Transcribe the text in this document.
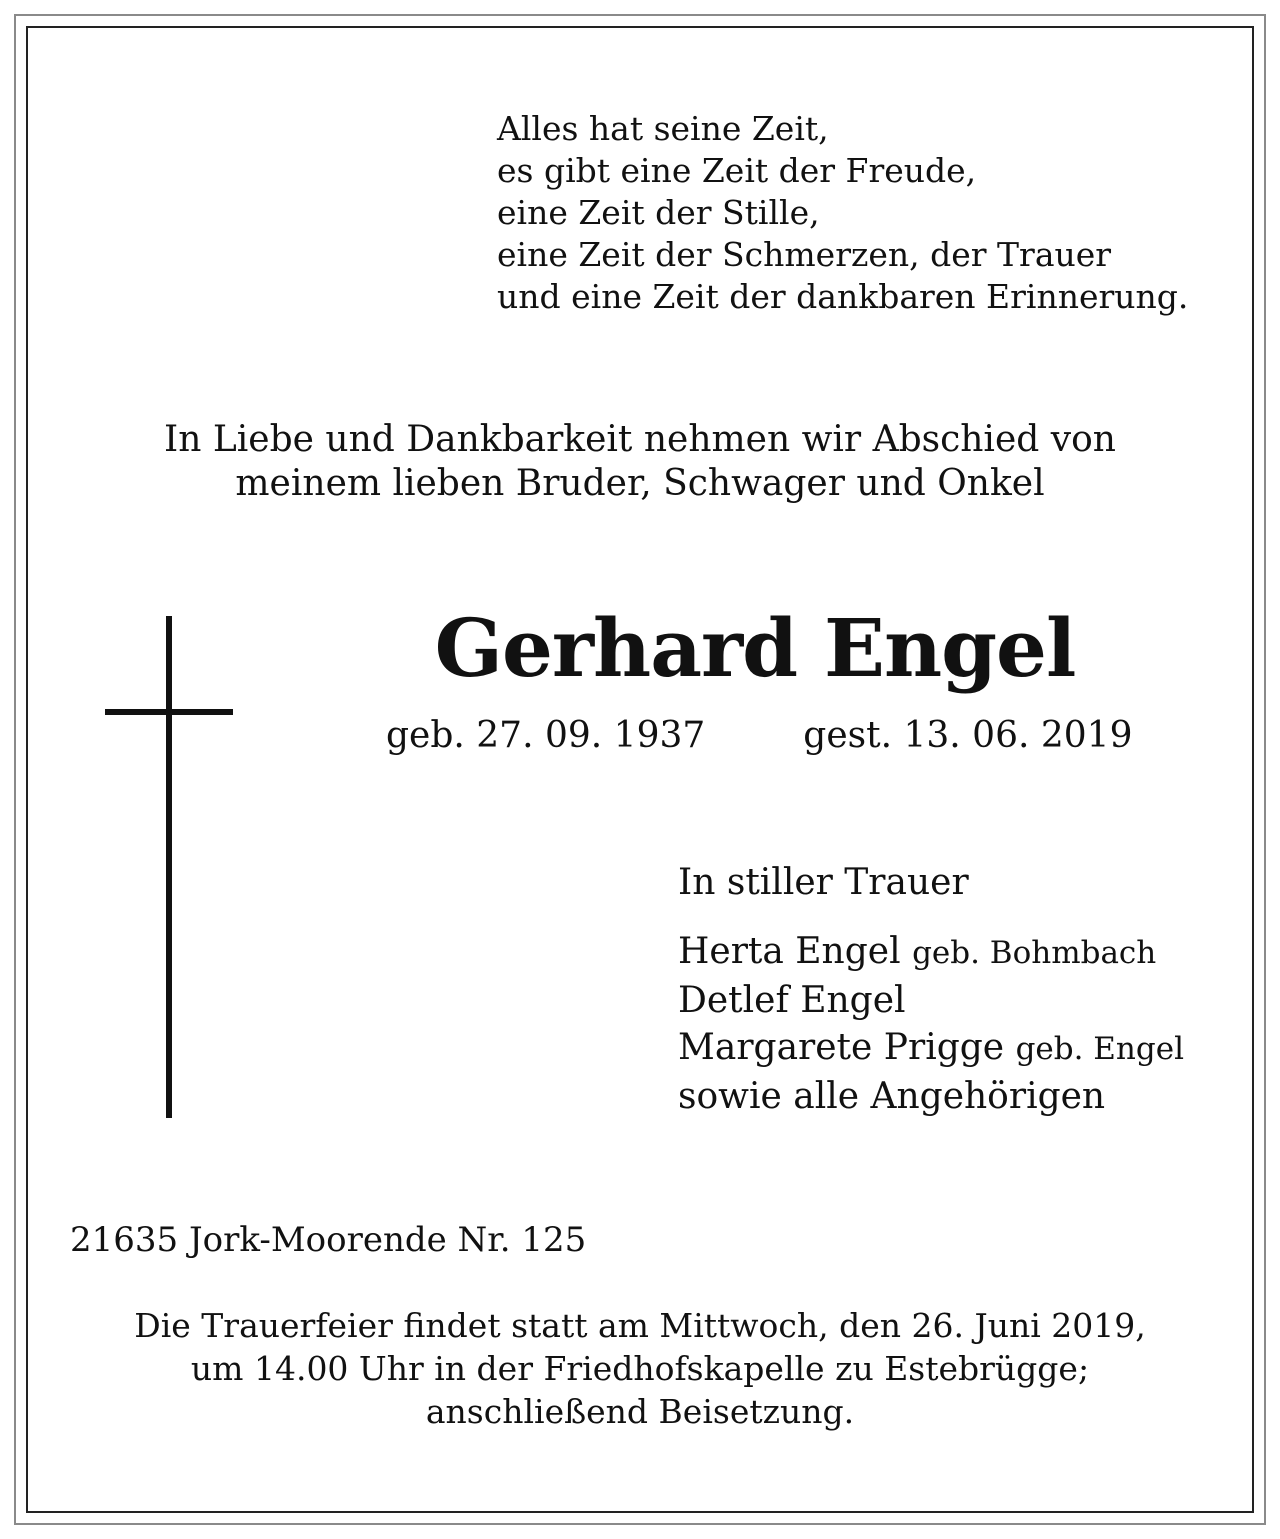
Alles hat seine Zeit,
es gibt eine Zeit der Freude,
eine Zeit der Stille,
eine Zeit der Schmerzen, der Trauer
und eine Zeit der dankbaren Erinnerung.
In Liebe und Dankbarkeit nehmen wir Abschied von
meinem lieben Bruder, Schwager und Onkel
Gerhard Engel
geb. 27. 09. 1937	gest. 13. 06. 2019
In stiller Trauer
Herta Engel geb. Bohmbach
Detlef Engel
Margarete Prigge geb. Engel
sowie alle Angehörigen
21635 Jork-Moorende Nr. 125
Die Trauerfeier findet statt am Mittwoch, den 26. Juni 2019,
um 14.00 Uhr in der Friedhofskapelle zu Estebrügge;
anschließend Beisetzung.
